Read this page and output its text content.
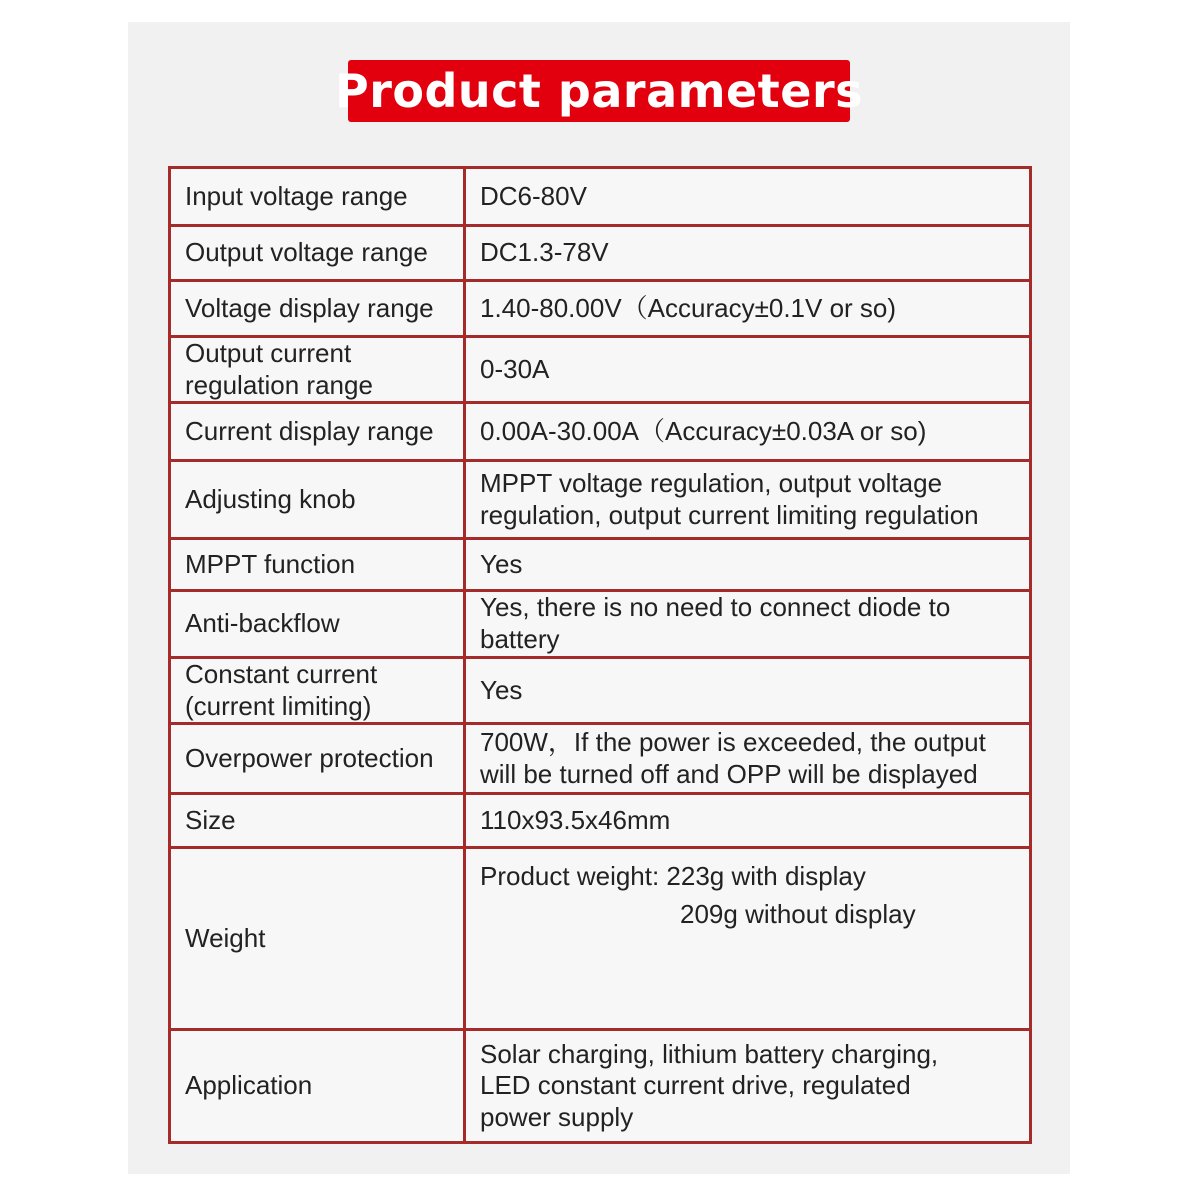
Product parameters
Input voltage range	DC6-80V
Output voltage range	DC1.3-78V
Voltage display range	1.40-80.00V（Accuracy±0.1V or so)
Output current
regulation range	0-30A
Current display range	0.00A-30.00A（Accuracy±0.03A or so)
Adjusting knob	MPPT voltage regulation, output voltage
regulation, output current limiting regulation
MPPT function	Yes
Anti-backflow	Yes, there is no need to connect diode to
battery
Constant current
(current limiting)	Yes
Overpower protection	700W，If the power is exceeded, the output
will be turned off and OPP will be displayed
Size	110x93.5x46mm
Weight	Product weight: 223g with display
209g without display

Application	Solar charging, lithium battery charging,
LED constant current drive, regulated
power supply
